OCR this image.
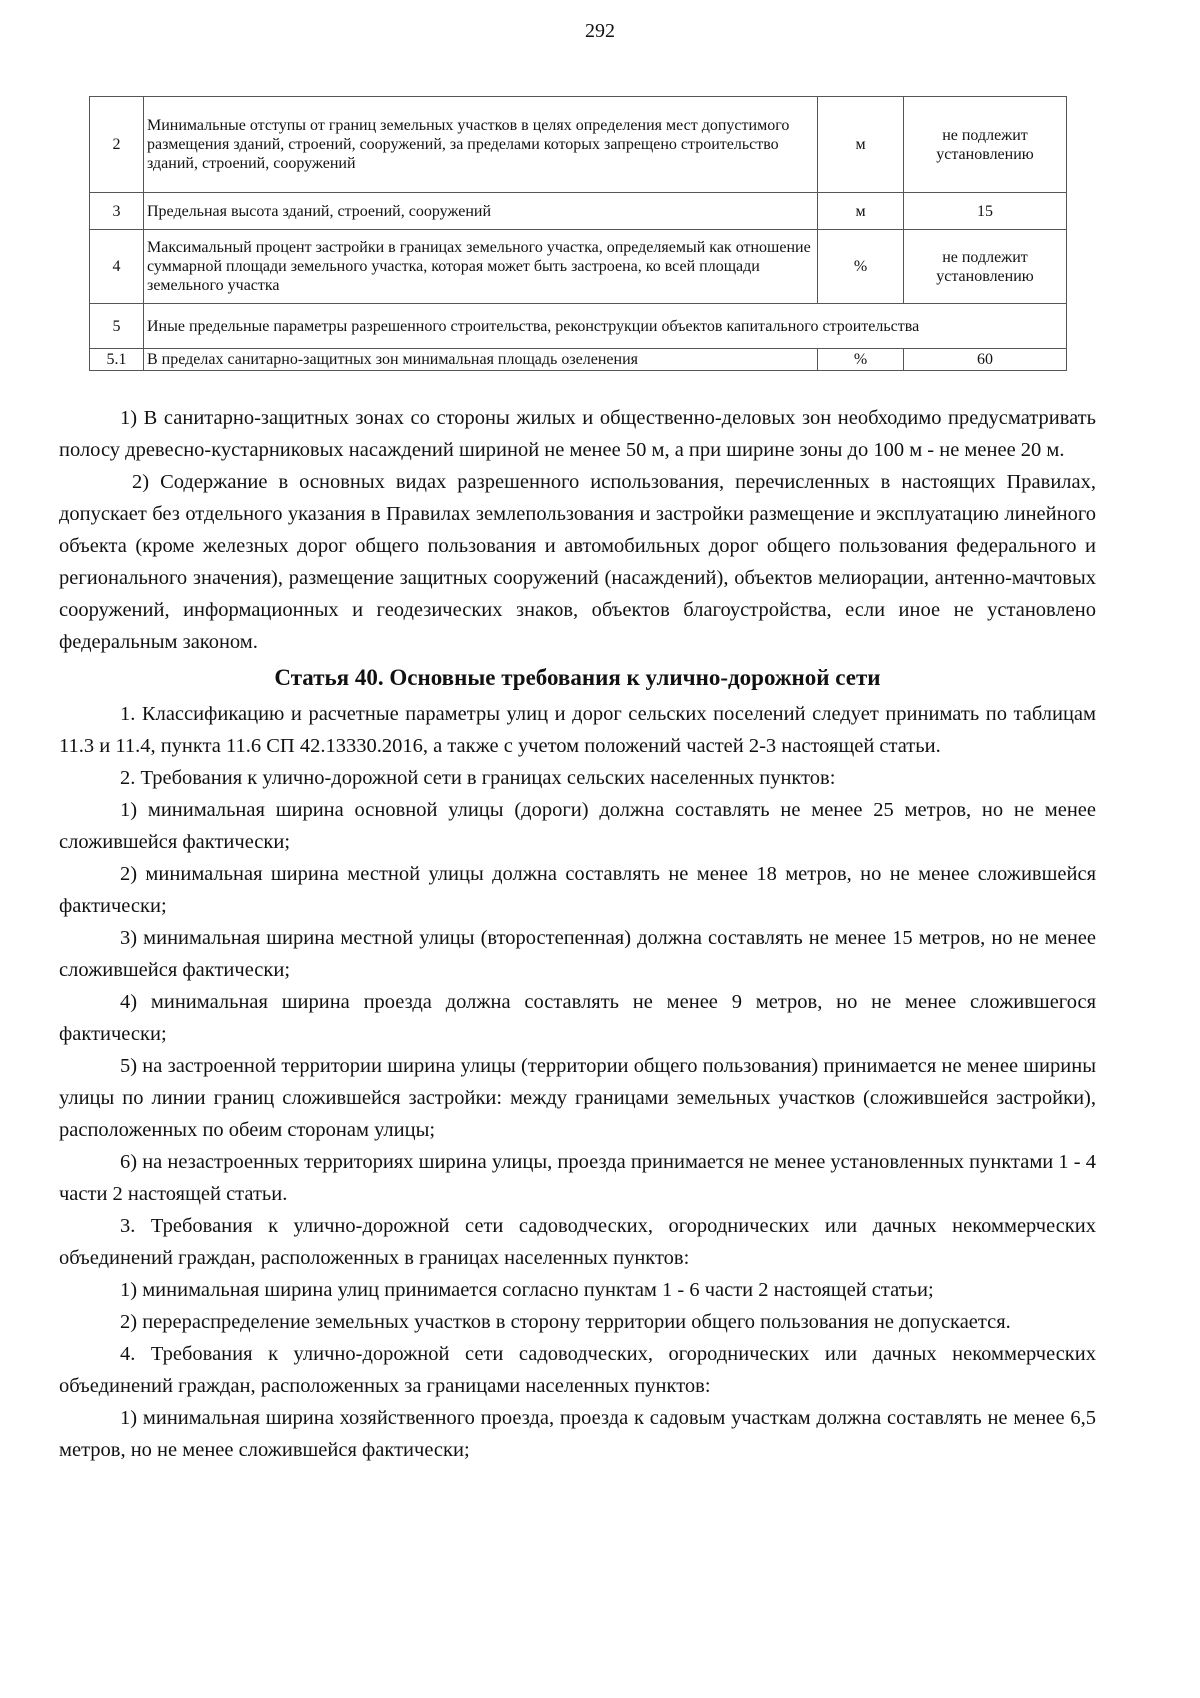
292
2	Минимальные отступы от границ земельных участков в целях определения мест допустимого размещения зданий, строений, сооружений, за пределами которых запрещено строительство зданий, строений, сооружений	м	не подлежит установлению
3	Предельная высота зданий, строений, сооружений	м	15
4	Максимальный процент застройки в границах земельного участка, определяемый как отношение суммарной площади земельного участка, которая может быть застроена, ко всей площади земельного участка	%	не подлежит установлению
5	Иные предельные параметры разрешенного строительства, реконструкции объектов капитального строительства		
5.1	В пределах санитарно-защитных зон минимальная площадь озеленения	%	60

1) В санитарно-защитных зонах со стороны жилых и общественно-деловых зон необходимо предусматривать полосу древесно-кустарниковых насаждений шириной не менее 50 м, а при ширине зоны до 100 м - не менее 20 м.

2) Содержание в основных видах разрешенного использования, перечисленных в настоящих Правилах, допускает без отдельного указания в Правилах землепользования и застройки размещение и эксплуатацию линейного объекта (кроме железных дорог общего пользования и автомобильных дорог общего пользования федерального и регионального значения), размещение защитных сооружений (насаждений), объектов мелиорации, антенно-мачтовых сооружений, информационных и геодезических знаков, объектов благоустройства, если иное не установлено федеральным законом.

Статья 40. Основные требования к улично-дорожной сети

1. Классификацию и расчетные параметры улиц и дорог сельских поселений следует принимать по таблицам 11.3 и 11.4, пункта 11.6 СП 42.13330.2016, а также с учетом положений частей 2-3 настоящей статьи.

2. Требования к улично-дорожной сети в границах сельских населенных пунктов:

1) минимальная ширина основной улицы (дороги) должна составлять не менее 25 метров, но не менее сложившейся фактически;

2) минимальная ширина местной улицы должна составлять не менее 18 метров, но не менее сложившейся фактически;

3) минимальная ширина местной улицы (второстепенная) должна составлять не менее 15 метров, но не менее сложившейся фактически;

4) минимальная ширина проезда должна составлять не менее 9 метров, но не менее сложившегося фактически;

5) на застроенной территории ширина улицы (территории общего пользования) принимается не менее ширины улицы по линии границ сложившейся застройки: между границами земельных участков (сложившейся застройки), расположенных по обеим сторонам улицы;

6) на незастроенных территориях ширина улицы, проезда принимается не менее установленных пунктами 1 - 4 части 2 настоящей статьи.

3. Требования к улично-дорожной сети садоводческих, огороднических или дачных некоммерческих объединений граждан, расположенных в границах населенных пунктов:

1) минимальная ширина улиц принимается согласно пунктам 1 - 6 части 2 настоящей статьи;

2) перераспределение земельных участков в сторону территории общего пользования не допускается.

4. Требования к улично-дорожной сети садоводческих, огороднических или дачных некоммерческих объединений граждан, расположенных за границами населенных пунктов:

1) минимальная ширина хозяйственного проезда, проезда к садовым участкам должна составлять не менее 6,5 метров, но не менее сложившейся фактически;
